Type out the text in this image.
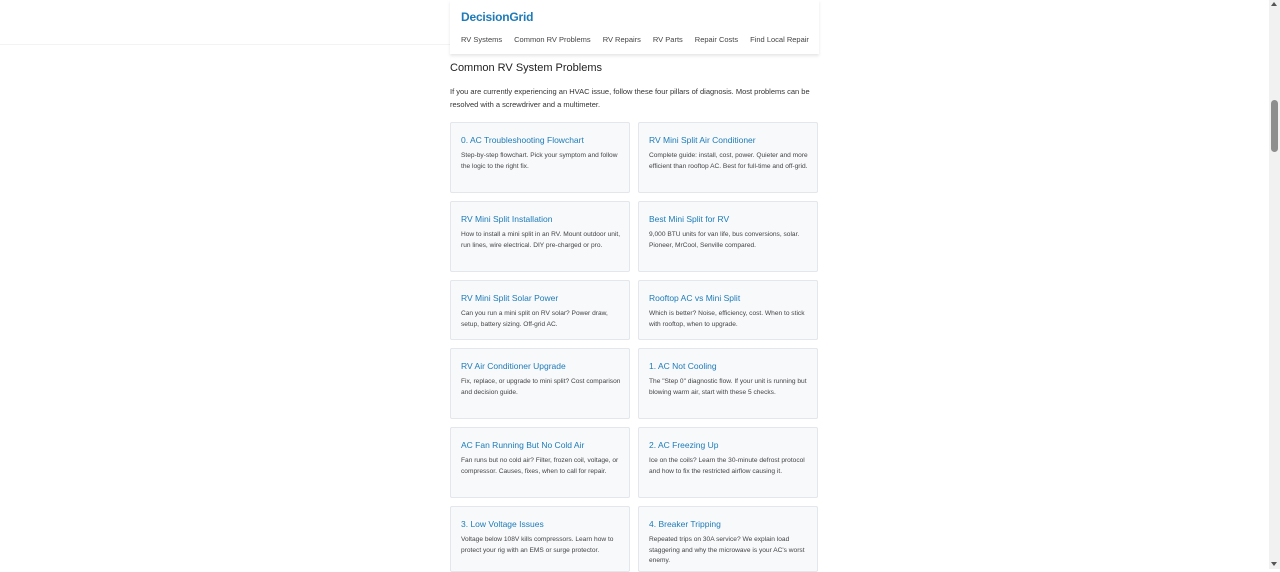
DecisionGrid
RV Systems Common RV Problems RV Repairs RV Parts Repair Costs Find Local Repair
Common RV System Problems

If you are currently experiencing an HVAC issue, follow these four pillars of diagnosis. Most problems can be resolved with a screwdriver and a multimeter.

0. AC Troubleshooting Flowchart
Step-by-step flowchart. Pick your symptom and follow the logic to the right fix.
RV Mini Split Air Conditioner
Complete guide: install, cost, power. Quieter and more efficient than rooftop AC. Best for full-time and off-grid.
RV Mini Split Installation
How to install a mini split in an RV. Mount outdoor unit, run lines, wire electrical. DIY pre-charged or pro.
Best Mini Split for RV
9,000 BTU units for van life, bus conversions, solar. Pioneer, MrCool, Senville compared.
RV Mini Split Solar Power
Can you run a mini split on RV solar? Power draw, setup, battery sizing. Off-grid AC.
Rooftop AC vs Mini Split
Which is better? Noise, efficiency, cost. When to stick with rooftop, when to upgrade.
RV Air Conditioner Upgrade
Fix, replace, or upgrade to mini split? Cost comparison and decision guide.
1. AC Not Cooling
The "Step 0" diagnostic flow. If your unit is running but blowing warm air, start with these 5 checks.
AC Fan Running But No Cold Air
Fan runs but no cold air? Filter, frozen coil, voltage, or compressor. Causes, fixes, when to call for repair.
2. AC Freezing Up
Ice on the coils? Learn the 30-minute defrost protocol and how to fix the restricted airflow causing it.
3. Low Voltage Issues
Voltage below 108V kills compressors. Learn how to protect your rig with an EMS or surge protector.
4. Breaker Tripping
Repeated trips on 30A service? We explain load staggering and why the microwave is your AC's worst enemy.
